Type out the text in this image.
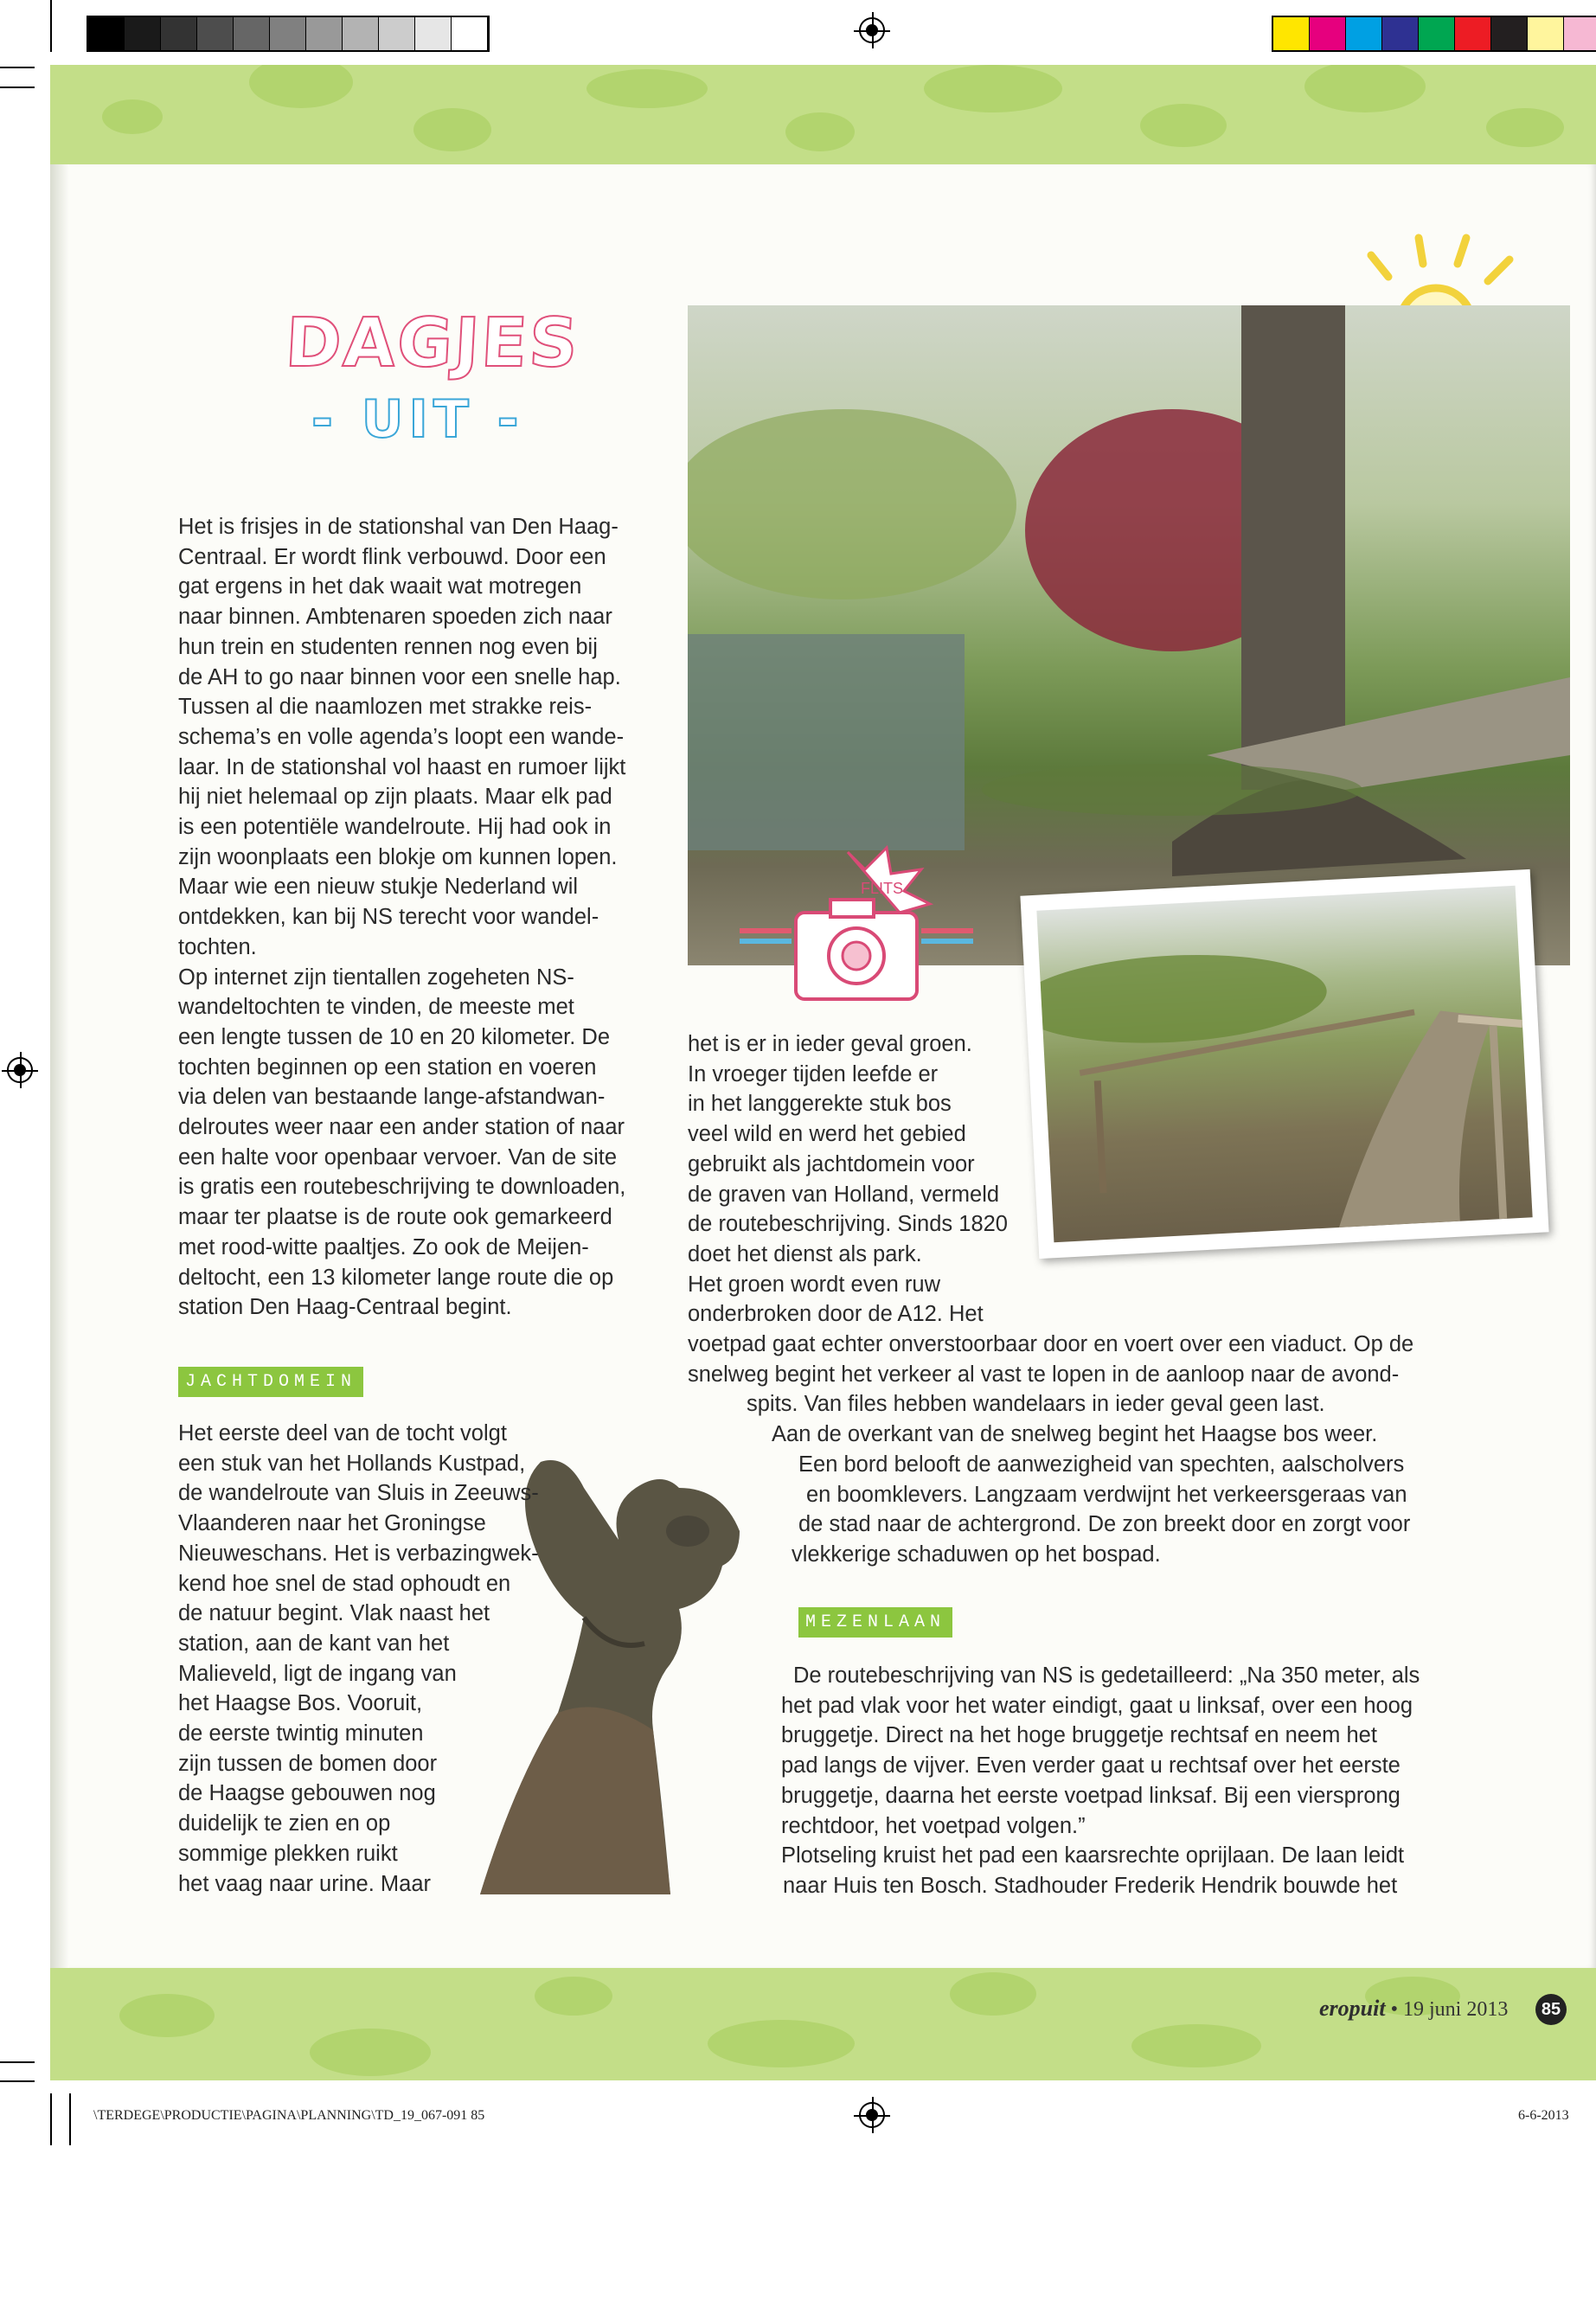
DAGJES
- UIT -
FLITS

Het is frisjes in de stationshal van Den Haag-

Centraal. Er wordt flink verbouwd. Door een

gat ergens in het dak waait wat motregen

naar binnen. Ambtenaren spoeden zich naar

hun trein en studenten rennen nog even bij

de AH to go naar binnen voor een snelle hap.

Tussen al die naamlozen met strakke reis-

schema’s en volle agenda’s loopt een wande-

laar. In de stationshal vol haast en rumoer lijkt

hij niet helemaal op zijn plaats. Maar elk pad

is een potentiële wandelroute. Hij had ook in

zijn woonplaats een blokje om kunnen lopen.

Maar wie een nieuw stukje Nederland wil

ontdekken, kan bij NS terecht voor wandel-

tochten.

Op internet zijn tientallen zogeheten NS-

wandeltochten te vinden, de meeste met

een lengte tussen de 10 en 20 kilometer. De

tochten beginnen op een station en voeren

via delen van bestaande lange-afstandwan-

delroutes weer naar een ander station of naar

een halte voor openbaar vervoer. Van de site

is gratis een routebeschrijving te downloaden,

maar ter plaatse is de route ook gemarkeerd

met rood-witte paaltjes. Zo ook de Meijen-

deltocht, een 13 kilometer lange route die op

station Den Haag-Centraal begint.

JACHTDOMEIN

Het eerste deel van de tocht volgt

een stuk van het Hollands Kustpad,

de wandelroute van Sluis in Zeeuws-

Vlaanderen naar het Groningse

Nieuweschans. Het is verbazingwek-

kend hoe snel de stad ophoudt en

de natuur begint. Vlak naast het

station, aan de kant van het

Malieveld, ligt de ingang van

het Haagse Bos. Vooruit,

de eerste twintig minuten

zijn tussen de bomen door

de Haagse gebouwen nog

duidelijk te zien en op

sommige plekken ruikt

het vaag naar urine. Maar

het is er in ieder geval groen.

In vroeger tijden leefde er

in het langgerekte stuk bos

veel wild en werd het gebied

gebruikt als jachtdomein voor

de graven van Holland, vermeld

de routebeschrijving. Sinds 1820

doet het dienst als park.

Het groen wordt even ruw

onderbroken door de A12. Het

voetpad gaat echter onverstoorbaar door en voert over een viaduct. Op de

snelweg begint het verkeer al vast te lopen in de aanloop naar de avond-

spits. Van files hebben wandelaars in ieder geval geen last.

Aan de overkant van de snelweg begint het Haagse bos weer.

Een bord belooft de aanwezigheid van spechten, aalscholvers

en boomklevers. Langzaam verdwijnt het verkeersgeraas van

de stad naar de achtergrond. De zon breekt door en zorgt voor

vlekkerige schaduwen op het bospad.

MEZENLAAN

De routebeschrijving van NS is gedetailleerd: „Na 350 meter, als

het pad vlak voor het water eindigt, gaat u linksaf, over een hoog

bruggetje. Direct na het hoge bruggetje rechtsaf en neem het

pad langs de vijver. Even verder gaat u rechtsaf over het eerste

bruggetje, daarna het eerste voetpad linksaf. Bij een viersprong

rechtdoor, het voetpad volgen.”

Plotseling kruist het pad een kaarsrechte oprijlaan. De laan leidt

naar Huis ten Bosch. Stadhouder Frederik Hendrik bouwde het

eropuit • 19 juni 2013	85
\TERDEGE\PRODUCTIE\PAGINA\PLANNING\TD_19_067-091 85	6-6-2013
